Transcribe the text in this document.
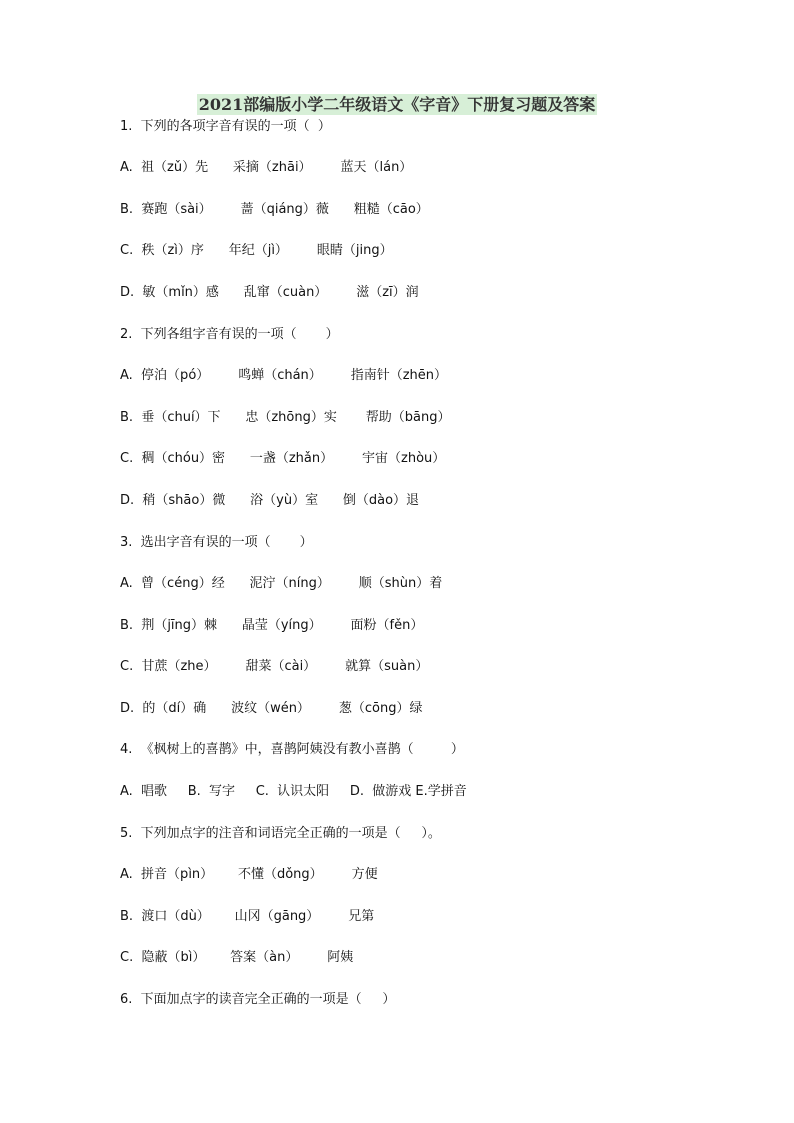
2021部编版小学二年级语文《字音》下册复习题及答案
1.  下列的各项字音有误的一项（  ）
A.  祖（zǔ）先      采摘（zhāi）       蓝天（lán）
B.  赛跑（sài）       蔷（qiáng）薇      粗糙（cāo）
C.  秩（zì）序      年纪（jì）       眼睛（jing）
D.  敏（mǐn）感      乱窜（cuàn）       滋（zī）润
2.  下列各组字音有误的一项（       ）
A.  停泊（pó）       鸣蝉（chán）       指南针（zhēn）
B.  垂（chuí）下      忠（zhōng）实       帮助（bāng）
C.  稠（chóu）密      一盏（zhǎn）       宇宙（zhòu）
D.  稍（shāo）微      浴（yù）室      倒（dào）退
3.  选出字音有误的一项（       ）
A.  曾（céng）经      泥泞（níng）       顺（shùn）着
B.  荆（jīng）棘      晶莹（yíng）       面粉（fěn）
C.  甘蔗（zhe）       甜菜（cài）       就算（suàn）
D.  的（dí）确      波纹（wén）       葱（cōng）绿
4.  《枫树上的喜鹊》中，喜鹊阿姨没有教小喜鹊（         ）
A.  唱歌     B.  写字     C.  认识太阳     D.  做游戏 E.学拼音
5.  下列加点字的注音和词语完全正确的一项是（     ）。
A.  拼音（pìn）      不懂（dǒng）       方便
B.  渡口（dù）      山冈（gāng）       兄第
C.  隐蔽（bì）      答案（àn）       阿姨
6.  下面加点字的读音完全正确的一项是（     ）
